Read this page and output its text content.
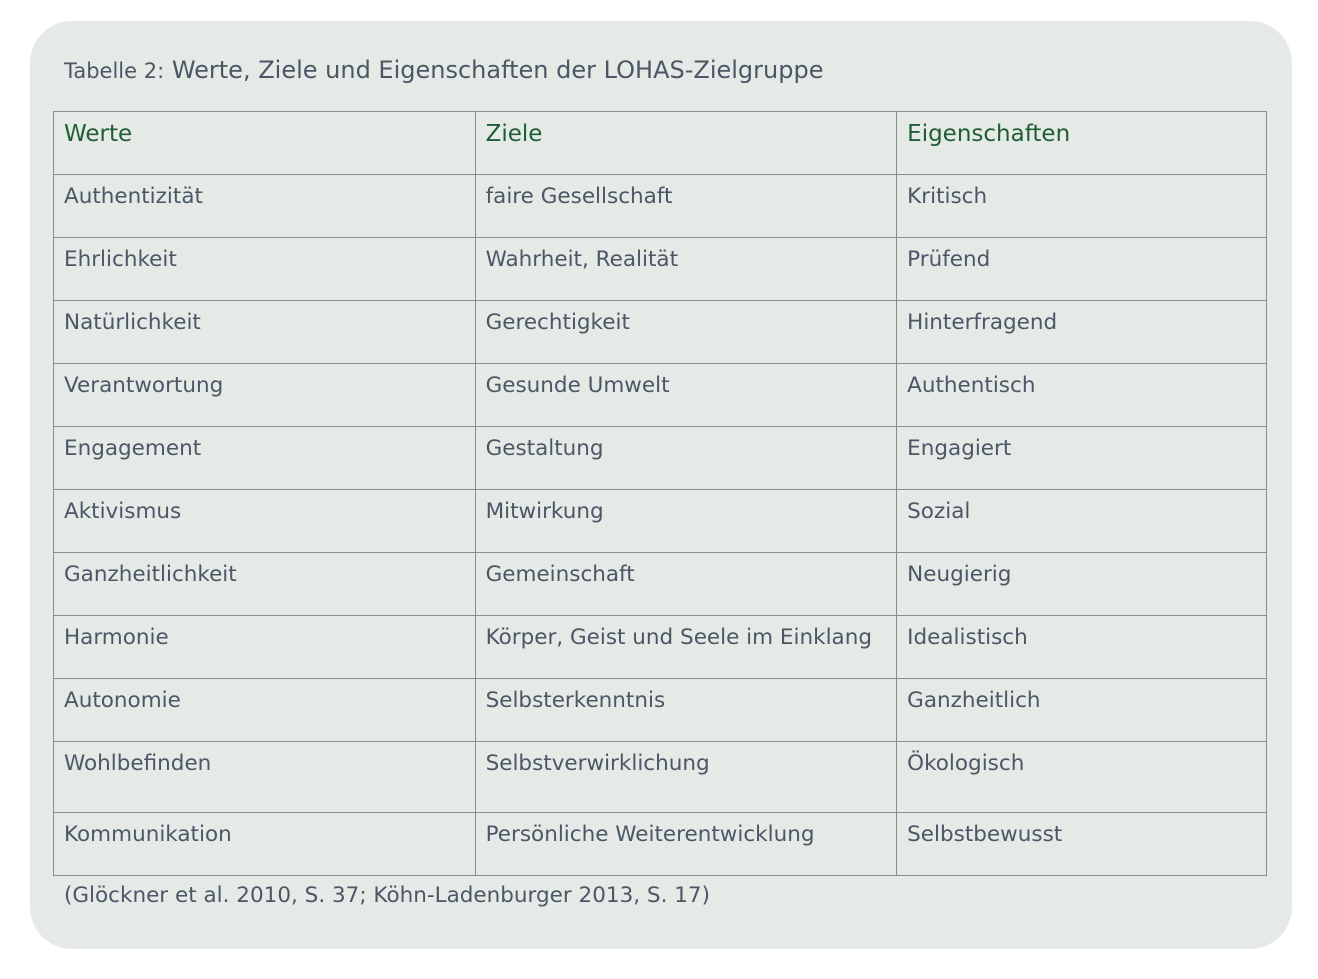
Tabelle 2: Werte, Ziele und Eigenschaften der LOHAS-Zielgruppe
Werte	Ziele	Eigenschaften
Authentizität	faire Gesellschaft	Kritisch
Ehrlichkeit	Wahrheit, Realität	Prüfend
Natürlichkeit	Gerechtigkeit	Hinterfragend
Verantwortung	Gesunde Umwelt	Authentisch
Engagement	Gestaltung	Engagiert
Aktivismus	Mitwirkung	Sozial
Ganzheitlichkeit	Gemeinschaft	Neugierig
Harmonie	Körper, Geist und Seele im Einklang	Idealistisch
Autonomie	Selbsterkenntnis	Ganzheitlich
Wohlbefinden	Selbstverwirklichung	Ökologisch
Kommunikation	Persönliche Weiterentwicklung	Selbstbewusst
(Glöckner et al. 2010, S. 37; Köhn-Ladenburger 2013, S. 17)
